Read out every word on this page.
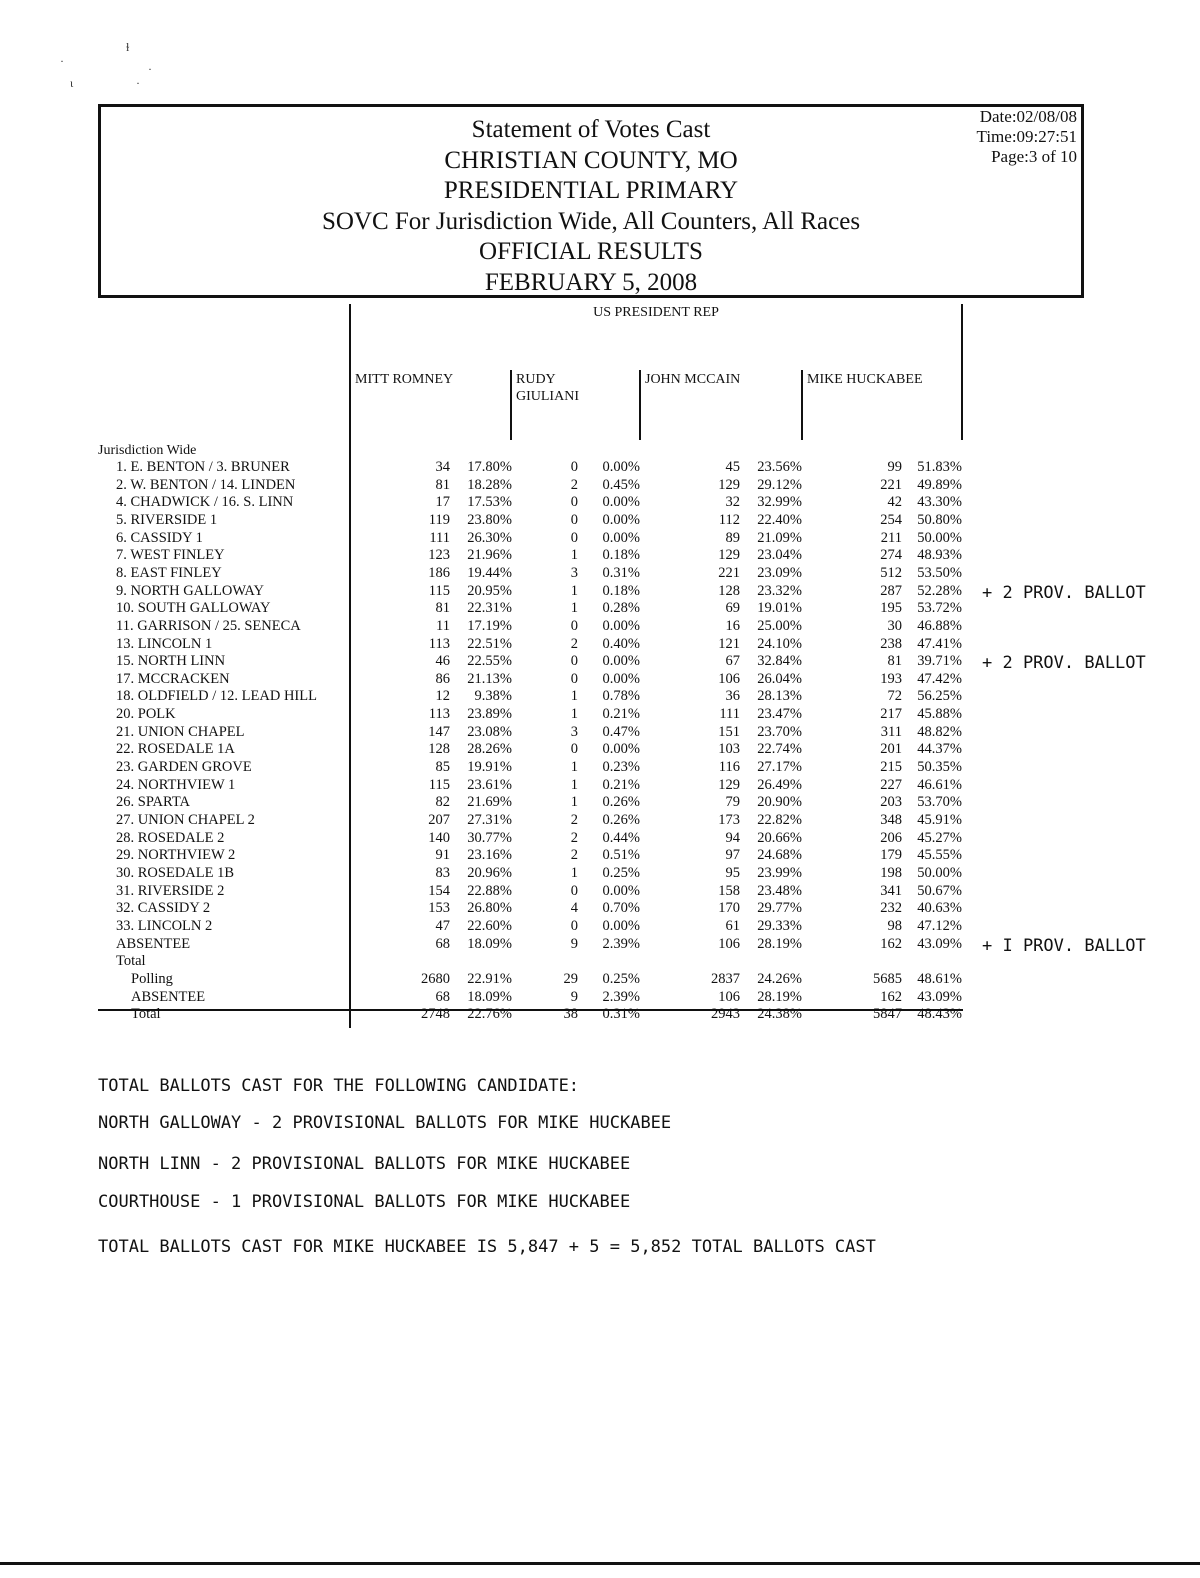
ɫ
·
·
ɩ	·
Statement of Votes Cast
CHRISTIAN COUNTY, MO
PRESIDENTIAL PRIMARY
SOVC For Jurisdiction Wide, All Counters, All Races
OFFICIAL RESULTS
FEBRUARY 5, 2008
Date:02/08/08
Time:09:27:51
Page:3 of 10
US PRESIDENT REP
MITT ROMNEY	RUDY GIULIANI
JOHN MCCAIN	MIKE HUCKABEE
Jurisdiction Wide
1. E. BENTON / 3. BRUNER	34	17.80%	0	0.00%	45	23.56%	99	51.83%
2. W. BENTON / 14. LINDEN	81	18.28%	2	0.45%	129	29.12%	221	49.89%
4. CHADWICK / 16. S. LINN	17	17.53%	0	0.00%	32	32.99%	42	43.30%
5. RIVERSIDE 1	119	23.80%	0	0.00%	112	22.40%	254	50.80%
6. CASSIDY 1	111	26.30%	0	0.00%	89	21.09%	211	50.00%
7. WEST FINLEY	123	21.96%	1	0.18%	129	23.04%	274	48.93%
8. EAST FINLEY	186	19.44%	3	0.31%	221	23.09%	512	53.50%
9. NORTH GALLOWAY	115	20.95%	1	0.18%	128	23.32%	287	52.28% + 2 PROV. BALLOT
10. SOUTH GALLOWAY	81	22.31%	1	0.28%	69	19.01%	195	53.72%
11. GARRISON / 25. SENECA	11	17.19%	0	0.00%	16	25.00%	30	46.88%
13. LINCOLN 1	113	22.51%	2	0.40%	121	24.10%	238	47.41%
15. NORTH LINN	46	22.55%	0	0.00%	67	32.84%	81	39.71% + 2 PROV. BALLOT
17. MCCRACKEN	86	21.13%	0	0.00%	106	26.04%	193	47.42%
18. OLDFIELD / 12. LEAD HILL	12	9.38%	1	0.78%	36	28.13%	72	56.25%
20. POLK	113	23.89%	1	0.21%	111	23.47%	217	45.88%
21. UNION CHAPEL	147	23.08%	3	0.47%	151	23.70%	311	48.82%
22. ROSEDALE 1A	128	28.26%	0	0.00%	103	22.74%	201	44.37%
23. GARDEN GROVE	85	19.91%	1	0.23%	116	27.17%	215	50.35%
24. NORTHVIEW 1	115	23.61%	1	0.21%	129	26.49%	227	46.61%
26. SPARTA	82	21.69%	1	0.26%	79	20.90%	203	53.70%
27. UNION CHAPEL 2	207	27.31%	2	0.26%	173	22.82%	348	45.91%
28. ROSEDALE 2	140	30.77%	2	0.44%	94	20.66%	206	45.27%
29. NORTHVIEW 2	91	23.16%	2	0.51%	97	24.68%	179	45.55%
30. ROSEDALE 1B	83	20.96%	1	0.25%	95	23.99%	198	50.00%
31. RIVERSIDE 2	154	22.88%	0	0.00%	158	23.48%	341	50.67%
32. CASSIDY 2	153	26.80%	4	0.70%	170	29.77%	232	40.63%
33. LINCOLN 2	47	22.60%	0	0.00%	61	29.33%	98	47.12%
ABSENTEE	68	18.09%	9	2.39%	106	28.19%	162	43.09% + I PROV. BALLOT
Total
Polling	2680	22.91%	29	0.25%	2837	24.26%	5685	48.61%
ABSENTEE	68	18.09%	9	2.39%	106	28.19%	162	43.09%
Total	2748	22.76%	38	0.31%	2943	24.38%	5847	48.43%
TOTAL BALLOTS CAST FOR THE FOLLOWING CANDIDATE:
NORTH GALLOWAY - 2 PROVISIONAL BALLOTS FOR MIKE HUCKABEE
NORTH LINN - 2 PROVISIONAL BALLOTS FOR MIKE HUCKABEE
COURTHOUSE - 1 PROVISIONAL BALLOTS FOR MIKE HUCKABEE
TOTAL BALLOTS CAST FOR MIKE HUCKABEE IS 5,847 + 5 = 5,852 TOTAL BALLOTS CAST
